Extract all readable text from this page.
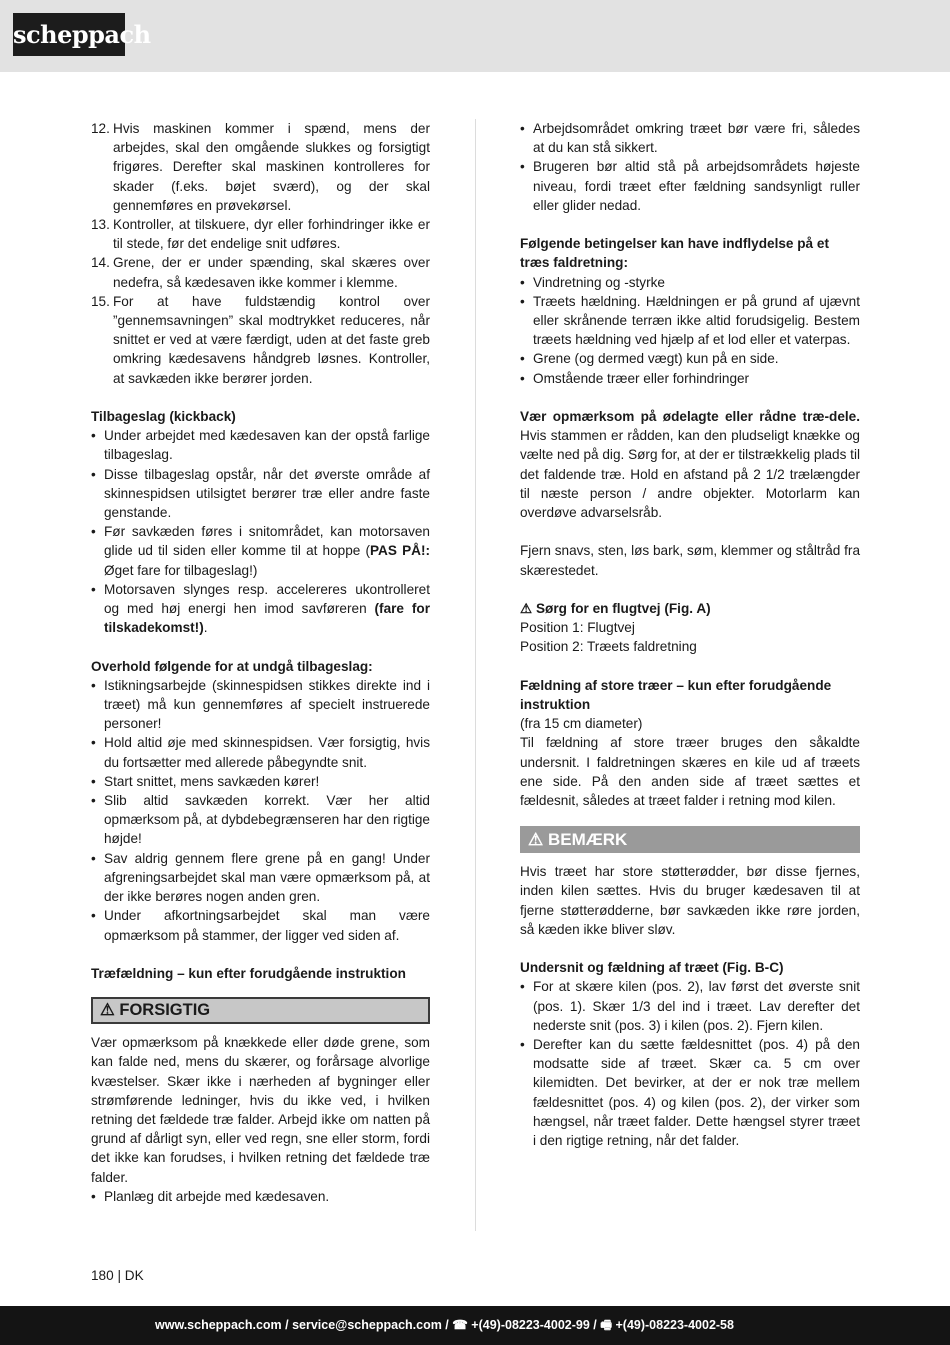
scheppach
12. Hvis maskinen kommer i spænd, mens der arbejdes, skal den omgående slukkes og forsigtigt frigøres. Derefter skal maskinen kontrolleres for skader (f.eks. bøjet sværd), og der skal gennemføres en prøvekørsel.
13. Kontroller, at tilskuere, dyr eller forhindringer ikke er til stede, før det endelige snit udføres.
14. Grene, der er under spænding, skal skæres over nedefra, så kædesaven ikke kommer i klemme.
15. For at have fuldstændig kontrol over ”gennemsavningen” skal modtrykket reduceres, når snittet er ved at være færdigt, uden at det faste greb omkring kædesavens håndgreb løsnes. Kontroller, at savkæden ikke berører jorden.
Tilbageslag (kickback)
• Under arbejdet med kædesaven kan der opstå farlige tilbageslag.
• Disse tilbageslag opstår, når det øverste område af skinnespidsen utilsigtet berører træ eller andre faste genstande.
• Før savkæden føres i snitområdet, kan motorsaven glide ud til siden eller komme til at hoppe (PAS PÅ!: Øget fare for tilbageslag!)
• Motorsaven slynges resp. accelereres ukontrolleret og med høj energi hen imod savføreren (fare for tilskadekomst!).
Overhold følgende for at undgå tilbageslag:
• Istikningsarbejde (skinnespidsen stikkes direkte ind i træet) må kun gennemføres af specielt instruerede personer!
• Hold altid øje med skinnespidsen. Vær forsigtig, hvis du fortsætter med allerede påbegyndte snit.
• Start snittet, mens savkæden kører!
• Slib altid savkæden korrekt. Vær her altid opmærksom på, at dybdebegrænseren har den rigtige højde!
• Sav aldrig gennem flere grene på en gang! Under afgreningsarbejdet skal man være opmærksom på, at der ikke berøres nogen anden gren.
• Under afkortningsarbejdet skal man være opmærksom på stammer, der ligger ved siden af.
Træfældning – kun efter forudgående instruktion
⚠ FORSIGTIG

Vær opmærksom på knækkede eller døde grene, som kan falde ned, mens du skærer, og forårsage alvorlige kvæstelser. Skær ikke i nærheden af bygninger eller strømførende ledninger, hvis du ikke ved, i hvilken retning det fældede træ falder. Arbejd ikke om natten på grund af dårligt syn, eller ved regn, sne eller storm, fordi det ikke kan forudses, i hvilken retning det fældede træ falder.

• Planlæg dit arbejde med kædesaven.
• Arbejdsområdet omkring træet bør være fri, således at du kan stå sikkert.
• Brugeren bør altid stå på arbejdsområdets højeste niveau, fordi træet efter fældning sandsynligt ruller eller glider nedad.
Følgende betingelser kan have indflydelse på et træs faldretning:
• Vindretning og -styrke
• Træets hældning. Hældningen er på grund af ujævnt eller skrånende terræn ikke altid forudsigelig. Bestem træets hældning ved hjælp af et lod eller et vaterpas.
• Grene (og dermed vægt) kun på en side.
• Omstående træer eller forhindringer

Vær opmærksom på ødelagte eller rådne træ-dele. Hvis stammen er rådden, kan den pludseligt knække og vælte ned på dig. Sørg for, at der er tilstrækkelig plads til det faldende træ. Hold en afstand på 2 1/2 trælængder til næste person / andre objekter. Motorlarm kan overdøve advarselsråb.

Fjern snavs, sten, løs bark, søm, klemmer og ståltråd fra skærestedet.

⚠ Sørg for en flugtvej (Fig. A)
Position 1: Flugtvej
Position 2: Træets faldretning
Fældning af store træer – kun efter forudgående instruktion
(fra 15 cm diameter)

Til fældning af store træer bruges den såkaldte undersnit. I faldretningen skæres en kile ud af træets ene side. På den anden side af træet sættes et fældesnit, således at træet falder i retning mod kilen.

⚠ BEMÆRK

Hvis træet har store støtterødder, bør disse fjernes, inden kilen sættes. Hvis du bruger kædesaven til at fjerne støtterødderne, bør savkæden ikke røre jorden, så kæden ikke bliver sløv.

Undersnit og fældning af træet (Fig. B-C)
• For at skære kilen (pos. 2), lav først det øverste snit (pos. 1). Skær 1/3 del ind i træet. Lav derefter det nederste snit (pos. 3) i kilen (pos. 2). Fjern kilen.
• Derefter kan du sætte fældesnittet (pos. 4) på den modsatte side af træet. Skær ca. 5 cm over kilemidten. Det bevirker, at der er nok træ mellem fældesnittet (pos. 4) og kilen (pos. 2), der virker som hængsel, når træet falder. Dette hængsel styrer træet i den rigtige retning, når det falder.
180 | DK
www.scheppach.com / service@scheppach.com / ☎ +(49)-08223-4002-99 / 🖷 +(49)-08223-4002-58
